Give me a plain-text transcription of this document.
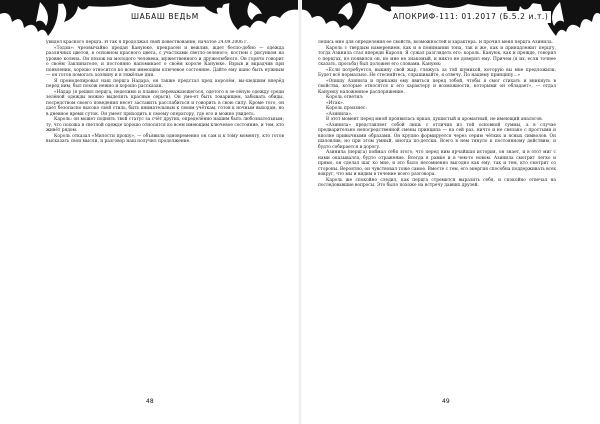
ШАБАШ ВЕДЬМ

увидел красного перцга. И так я продолжал свой повествование, начатое 24.09.2006 г.

«Тодзи»: чрезвычайно предан Кануюке, прекрасен и вежлив, ждет беспо-добно — одежда различных цветов, в основном красного цвета, с участками светло-зеленого; костюм с рисунком на уровне колена. Он похож на молодого человека, мужественного и дружелюбного. Он горячо говорит о своём Заклинателе, и постоянно напоминает о своём короле Кануюке. Взрыв и вкрадчив при появлении, хорошо относится ко всем имеющим ключевое состояние. Дайте ему шанс быть нужным — он готов помогать хозяину и в тяжёлые дни.

Я промоделировал наш перцга Надара, он также предстал пред королём, вы-шедшим вперёд перед ним, был похож нежно и хорошо рассказан.

«Надар (я решил перцга, неделимо и плавно переважающегося, одетого в зе-лёную одежду среди зелёной одежды можно выделить красные серьги). Он уме-ет быть товарищем, забывать обиды, посредством своего поведения несет заставить расслабиться и говорить в свою силу. Кроме того, он дает безопасно высоко свой стиль, быть внимательным к своим учёткам, готов к ночным выходам, но в дневное время суток. Он умеет приходить к своему оператору, где его и можно увидеть.

Кароль: он может поднять твой статус за счёт других, определённо нашим быть любознательным; ту, что похожа в светлой одежде хорошо относится ко всем имеющим ключевое состояние, и тем, кто живёт рядом.

Король отказал «Милости прошу», — объявили одновременно он сам и к тому моменту, кто готов высказать свои мысли, и разговор наш получил продолжение.

48
АПОКРИФ-111: 01.2017 (Б.5.2 и.т.)

лепись мне для определения ее свойств, возможностей и характера. Я прочил меня перцга Азинила.

Кароль с твердым намерением, как и в понимании тона, так и же, как и принадлежит перцгу, тогда Азинила стал впереди Кароля. Я сужал разглядеть его: король. Кануюк, как и прежде, говорил о перцгах, но появился он, но мне не знакомый, и никто не доверил ему. Причем (я их, если точнее сказать, просьба) был доложен его словами. Кануюк:

«Если потребуется, выкину свой жар, гляжусь за той шумихой, которую вы мне предложили. Будет всё нормально. Не стесняйтесь, спрашивайте, я отвечу. По нашему принципу…»

«Опишу Азинила и прикажи ему явиться перед тобой, чтобы я смог стихать и вникнуть в свойства, которые относятся к его характеру и возможности, которыми он обладает», — отдал Кануюку наложенное распоряжение.

Король ответил:

«Итак».

Король произнес:

«Азинила».

В этот момент перед мной проявилась яркая, душистый и ароматный, не имеющий аналогов.

«Азинила» представляет собой лишь с отличия из той основной суммы, а в случае предварительно непосредственной смены принципа — на сей раз, ничто и не связано с простыми и вполне привычными образами. Он крупно формируется через серию чётких и ясных символов. Он шаловлив, но при этом умный, иногда по-детски. Всего в нем тянуло к постоянному действию, и будто собирается в дорогу.

Азинила (перцга) поймал себя этого, что перед ним ярчайшая история, он знает, и в этот миг с нами оказывался, будто отражение. Всегда в рамке и в чем-то новом. Азинила смотрит легко и прямо, он сделал шаг ко мне, и это было несомненно выгодно как ему, так и тем, кто смотрит со стороны. Вероятно, он чувствовал тоже самое. Вместе с тем, его энергия способна поддерживать всех вокруг, что мы и видим в течение всего разговора.

Кароль же спокойно следил, как перцга стремится выразить себя, и спокойно отвечал на последовавшие вопросы. Это было похоже на встречу давних друзей.

49
